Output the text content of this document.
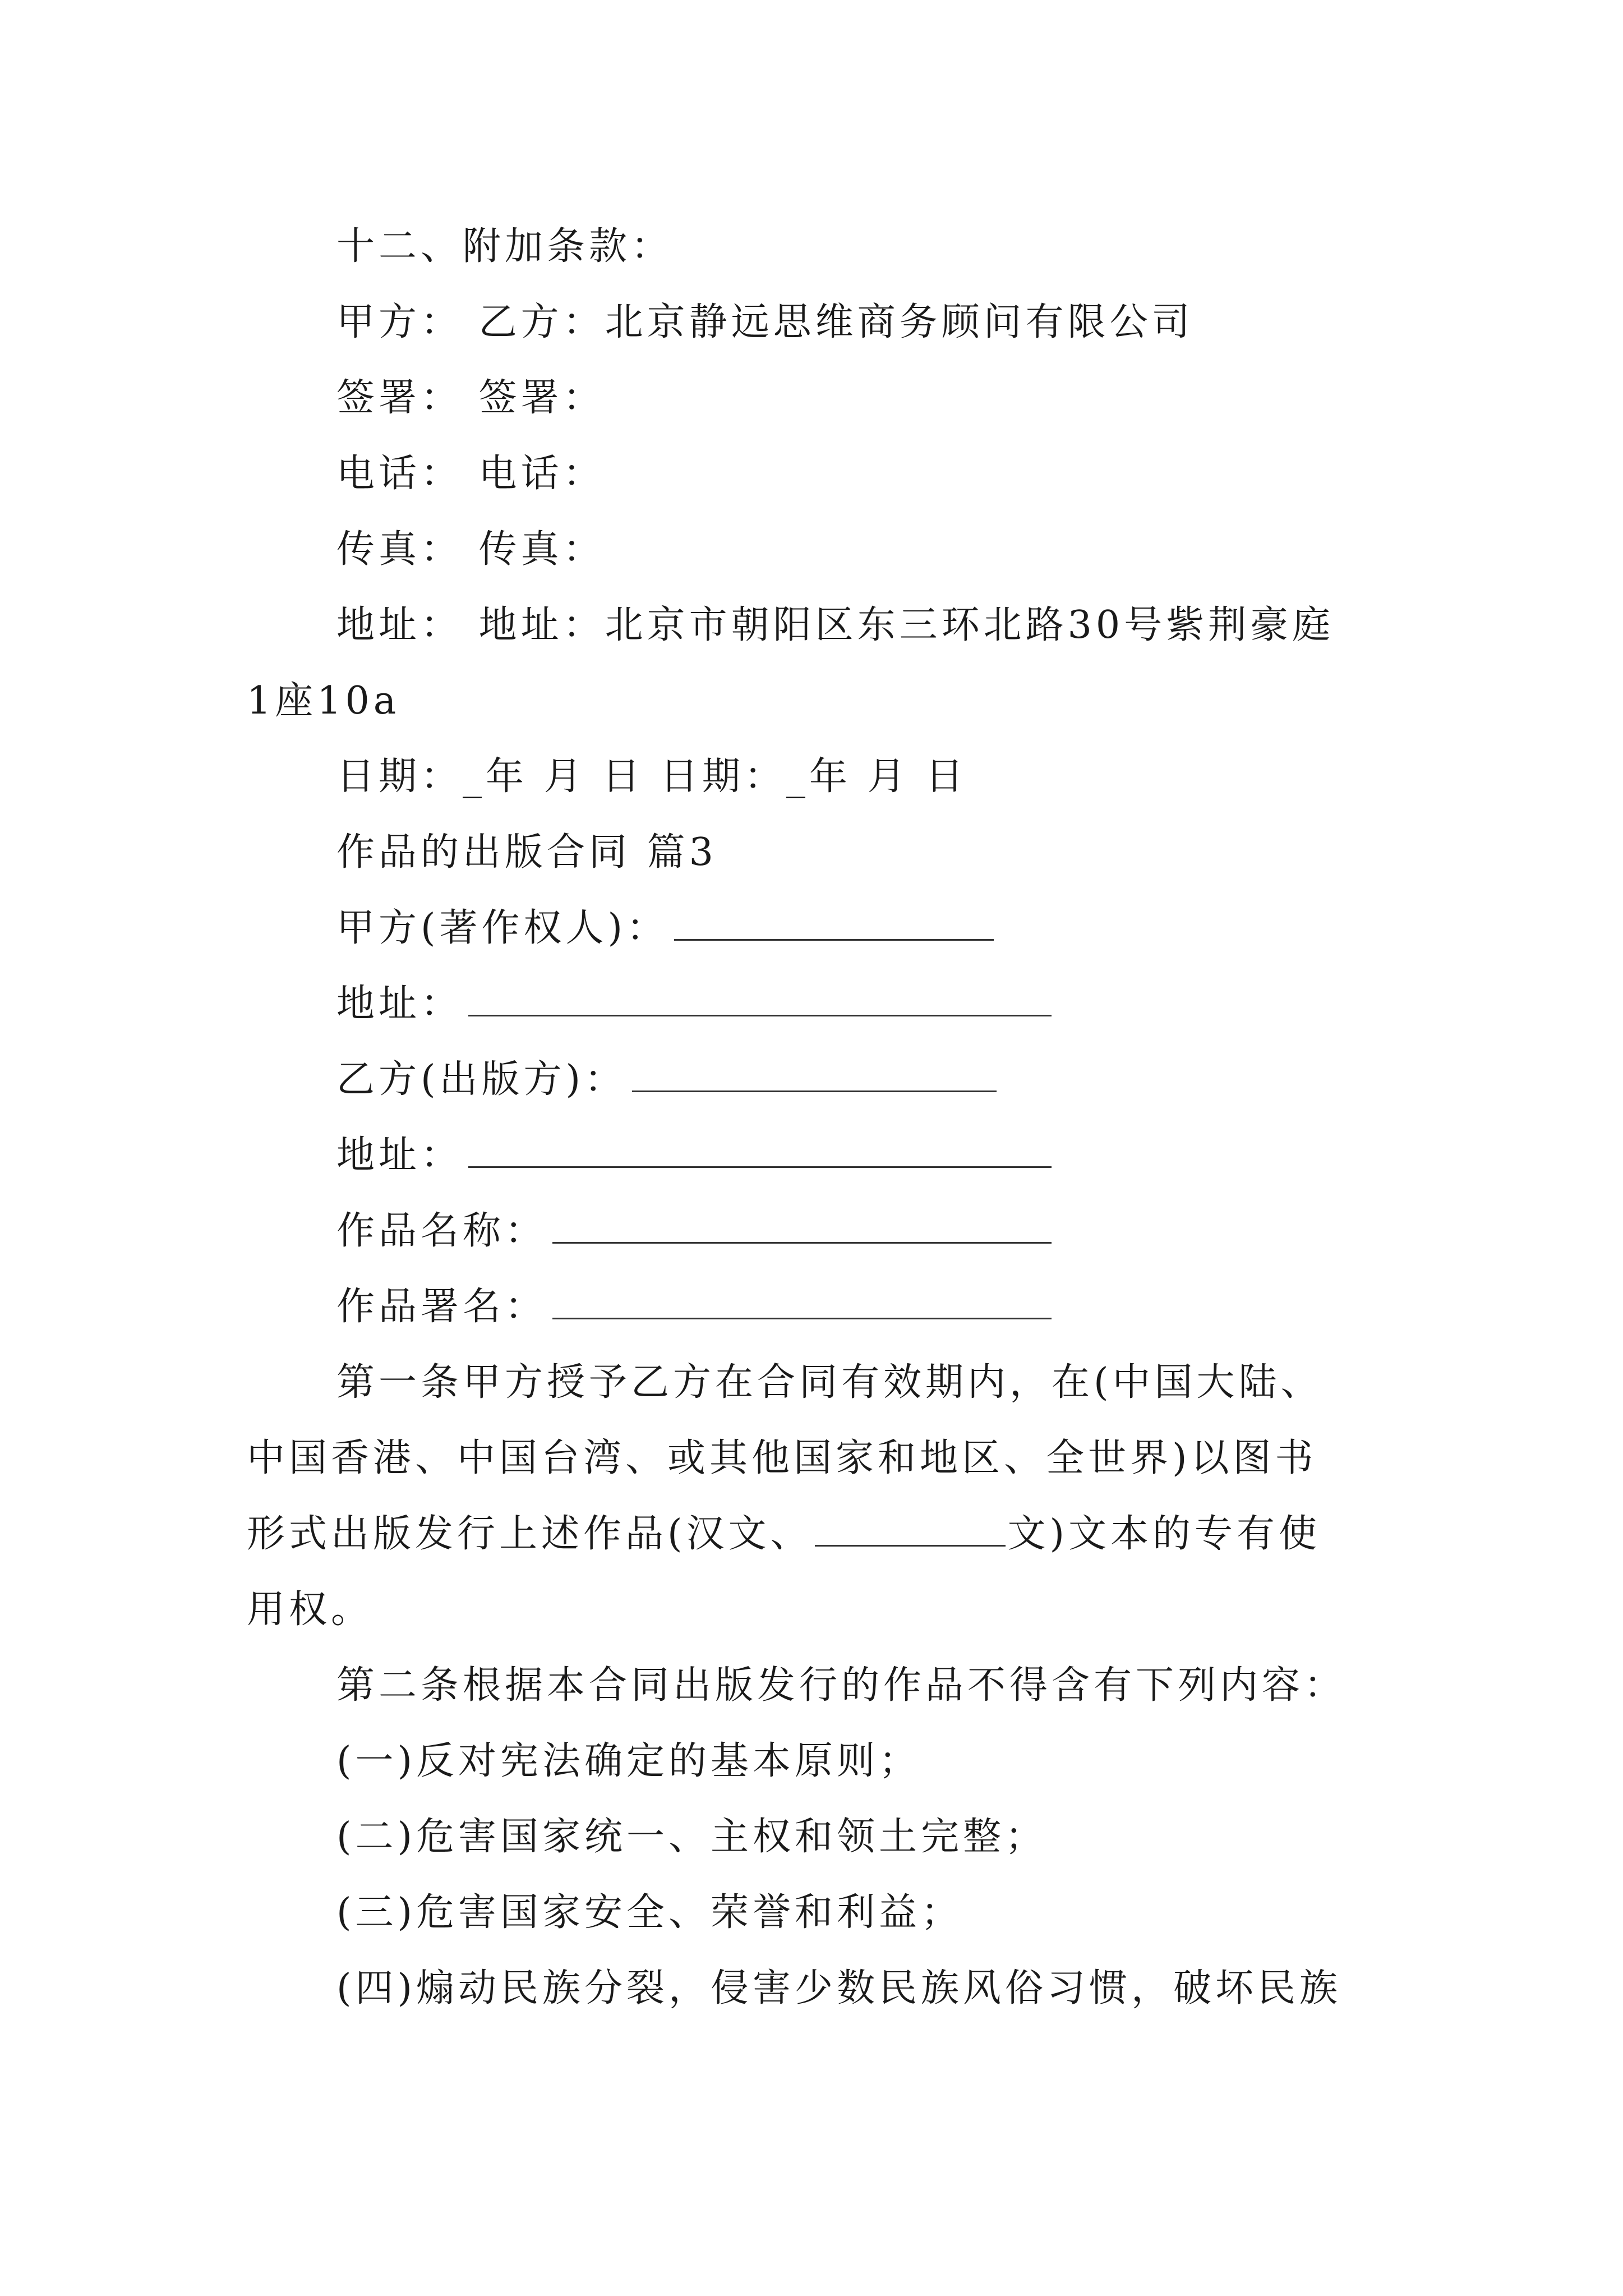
十二、附加条款：
甲方： 乙方：北京静远思维商务顾问有限公司
签署： 签署：
电话： 电话：
传真： 传真：
地址： 地址：北京市朝阳区东三环北路30号紫荆豪庭
1座10a
日期：_年 月 日 日期：_年 月 日
作品的出版合同 篇3
甲方(著作权人)：
地址：
乙方(出版方)：
地址：
作品名称：
作品署名：
第一条甲方授予乙方在合同有效期内，在(中国大陆、
中国香港、中国台湾、或其他国家和地区、全世界)以图书
形式出版发行上述作品(汉文、	文)文本的专有使
用权。
第二条根据本合同出版发行的作品不得含有下列内容：
(一)反对宪法确定的基本原则；
(二)危害国家统一、主权和领土完整；
(三)危害国家安全、荣誉和利益；
(四)煽动民族分裂，侵害少数民族风俗习惯，破坏民族
